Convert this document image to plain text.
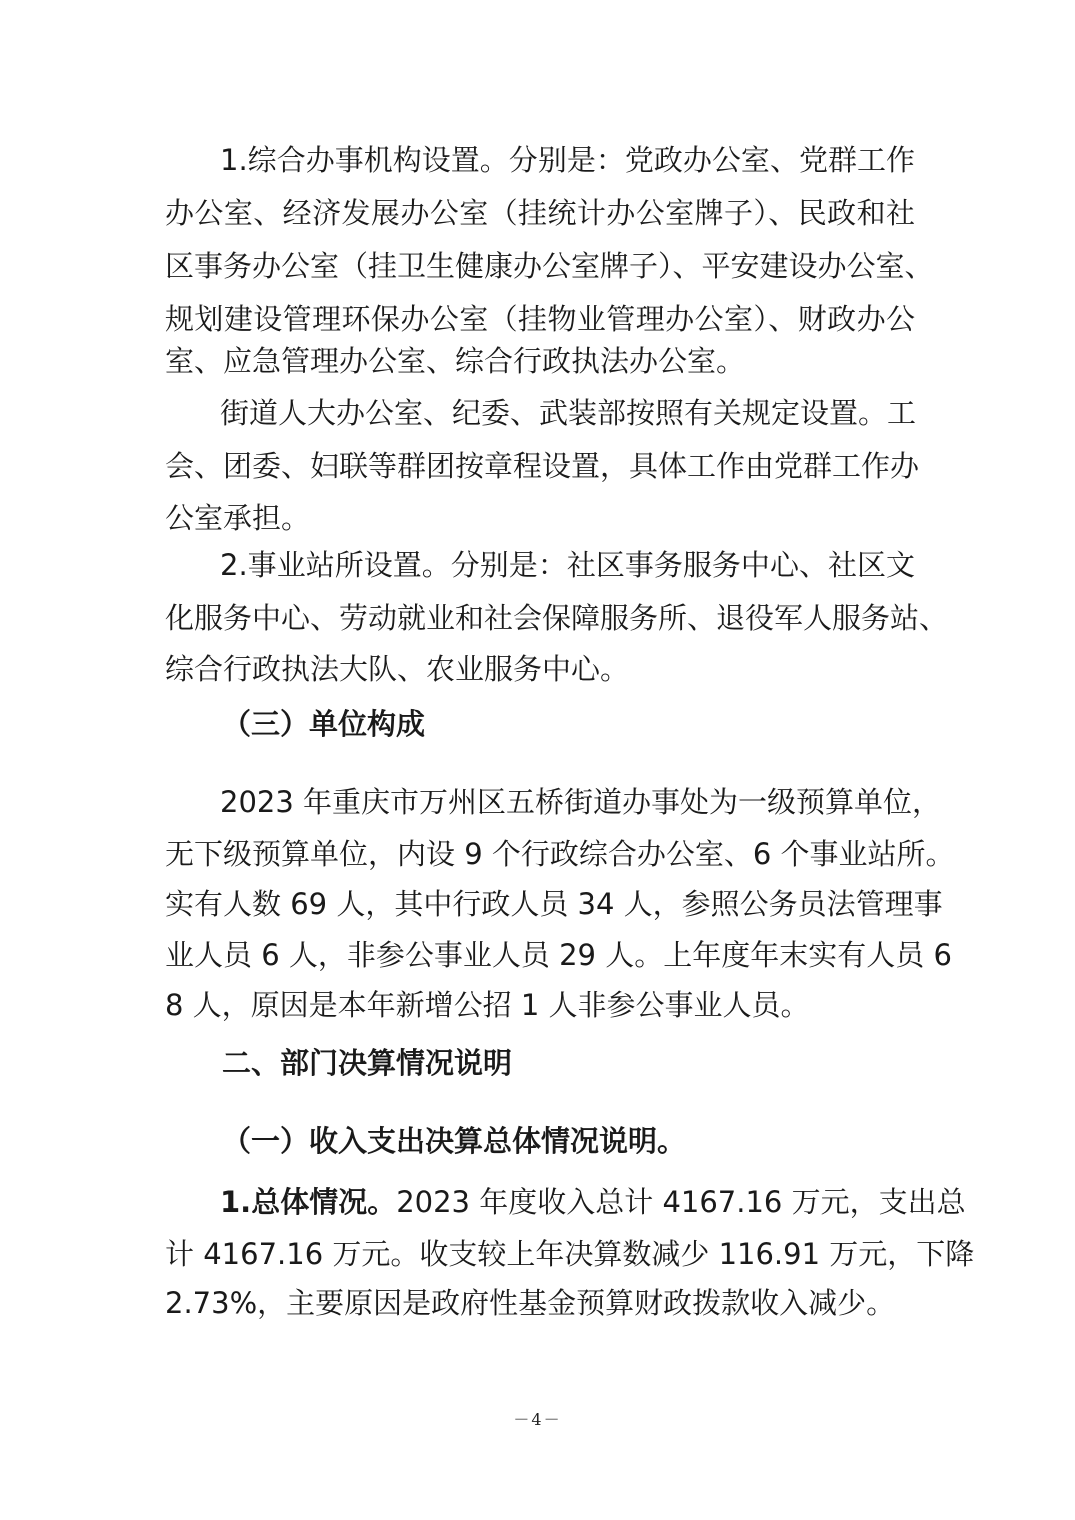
1.综合办事机构设置。分别是：党政办公室、党群工作
办公室、经济发展办公室（挂统计办公室牌子）、民政和社
区事务办公室（挂卫生健康办公室牌子）、平安建设办公室、
规划建设管理环保办公室（挂物业管理办公室）、财政办公
室、应急管理办公室、综合行政执法办公室。
街道人大办公室、纪委、武装部按照有关规定设置。工
会、团委、妇联等群团按章程设置，具体工作由党群工作办
公室承担。
2.事业站所设置。分别是：社区事务服务中心、社区文
化服务中心、劳动就业和社会保障服务所、退役军人服务站、
综合行政执法大队、农业服务中心。
（三）单位构成
2023 年重庆市万州区五桥街道办事处为一级预算单位，
无下级预算单位，内设 9 个行政综合办公室、6 个事业站所。
实有人数 69 人，其中行政人员 34 人，参照公务员法管理事
业人员 6 人，非参公事业人员 29 人。上年度年末实有人员 6
8 人，原因是本年新增公招 1 人非参公事业人员。
二、部门决算情况说明
（一）收入支出决算总体情况说明。
1.总体情况。2023 年度收入总计 4167.16 万元，支出总
计 4167.16 万元。收支较上年决算数减少 116.91 万元，下降
2.73%，主要原因是政府性基金预算财政拨款收入减少。
－4－
